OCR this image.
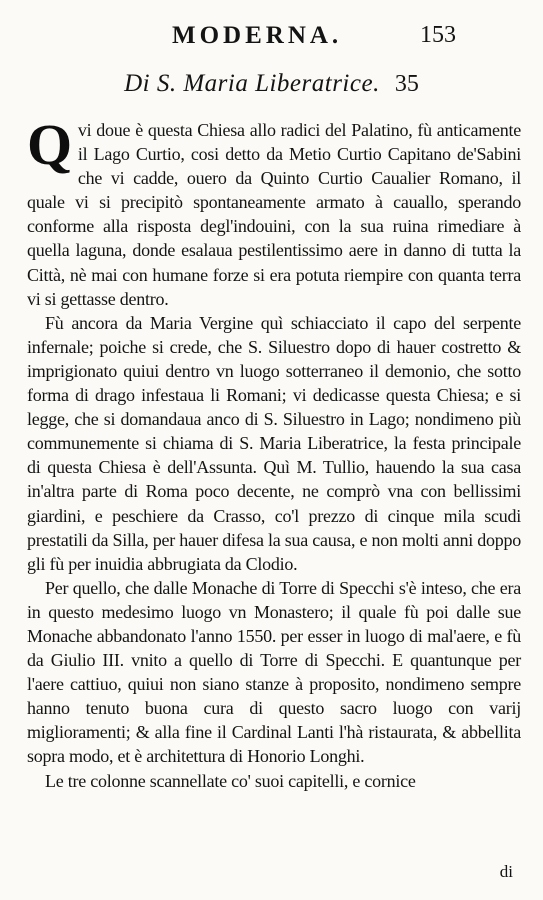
MODERNA.	153
Di S. Maria Liberatrice. 35

Q vi doue è questa Chiesa allo radici del Palatino, fù anticamente il Lago Curtio, cosi detto da Metio Curtio Capitano de'Sabini che vi cadde, ouero da Quinto Curtio Caualier Romano, il quale vi si precipitò spontaneamente armato à cauallo, sperando conforme alla risposta degl'indouini, con la sua ruina rimediare à quella laguna, donde esalaua pestilentissimo aere in danno di tutta la Città, nè mai con humane forze si era potuta riempire con quanta terra vi si gettasse dentro.

Fù ancora da Maria Vergine quì schiacciato il capo del serpente infernale; poiche si crede, che S. Siluestro dopo di hauer costretto & imprigionato quiui dentro vn luogo sotterraneo il demonio, che sotto forma di drago infestaua li Romani; vi dedicasse questa Chiesa; e si legge, che si domandaua anco di S. Siluestro in Lago; nondimeno più communemente si chiama di S. Maria Liberatrice, la festa principale di questa Chiesa è dell'Assunta. Quì M. Tullio, hauendo la sua casa in'altra parte di Roma poco decente, ne comprò vna con bellissimi giardini, e peschiere da Crasso, co'l prezzo di cinque mila scudi prestatili da Silla, per hauer difesa la sua causa, e non molti anni doppo gli fù per inuidia abbrugiata da Clodio.

Per quello, che dalle Monache di Torre di Specchi s'è inteso, che era in questo medesimo luogo vn Monastero; il quale fù poi dalle sue Monache abbandonato l'anno 1550. per esser in luogo di mal'aere, e fù da Giulio III. vnito a quello di Torre di Specchi. E quantunque per l'aere cattiuo, quiui non siano stanze à proposito, nondimeno sempre hanno tenuto buona cura di questo sacro luogo con varij miglioramenti; & alla fine il Cardinal Lanti l'hà ristaurata, & abbellita sopra modo, et è architettura di Honorio Longhi.

Le tre colonne scannellate co' suoi capitelli, e cornice

di
